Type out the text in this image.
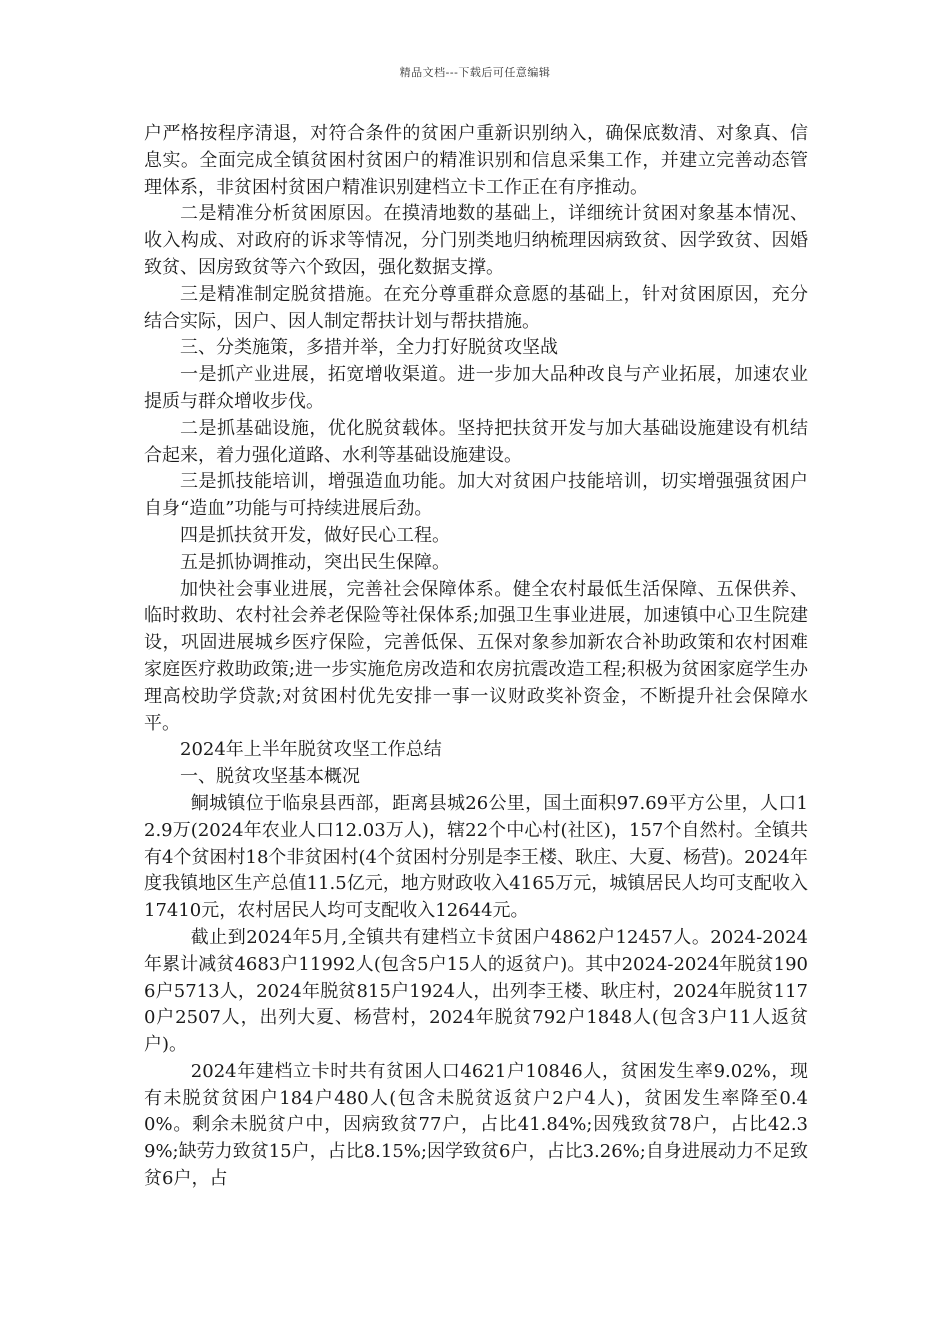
精品文档---下载后可任意编辑

户严格按程序清退，对符合条件的贫困户重新识别纳入，确保底数清、对象真、信息实。全面完成全镇贫困村贫困户的精准识别和信息采集工作，并建立完善动态管理体系，非贫困村贫困户精准识别建档立卡工作正在有序推动。

二是精准分析贫困原因。在摸清地数的基础上，详细统计贫困对象基本情况、收入构成、对政府的诉求等情况，分门别类地归纳梳理因病致贫、因学致贫、因婚致贫、因房致贫等六个致因，强化数据支撑。

三是精准制定脱贫措施。在充分尊重群众意愿的基础上，针对贫困原因，充分结合实际，因户、因人制定帮扶计划与帮扶措施。

三、分类施策，多措并举，全力打好脱贫攻坚战

一是抓产业进展，拓宽增收渠道。进一步加大品种改良与产业拓展，加速农业提质与群众增收步伐。

二是抓基础设施，优化脱贫载体。坚持把扶贫开发与加大基础设施建设有机结合起来，着力强化道路、水利等基础设施建设。

三是抓技能培训，增强造血功能。加大对贫困户技能培训，切实增强强贫困户自身“造血”功能与可持续进展后劲。

四是抓扶贫开发，做好民心工程。

五是抓协调推动，突出民生保障。

加快社会事业进展，完善社会保障体系。健全农村最低生活保障、五保供养、临时救助、农村社会养老保险等社保体系;加强卫生事业进展，加速镇中心卫生院建设，巩固进展城乡医疗保险，完善低保、五保对象参加新农合补助政策和农村困难家庭医疗救助政策;进一步实施危房改造和农房抗震改造工程;积极为贫困家庭学生办理高校助学贷款;对贫困村优先安排一事一议财政奖补资金，不断提升社会保障水平。

2024年上半年脱贫攻坚工作总结

一、脱贫攻坚基本概况

鲖城镇位于临泉县西部，距离县城26公里，国土面积97.69平方公里，人口12.9万(2024年农业人口12.03万人)，辖22个中心村(社区)，157个自然村。全镇共有4个贫困村18个非贫困村(4个贫困村分别是李王楼、耿庄、大夏、杨营)。2024年度我镇地区生产总值11.5亿元，地方财政收入4165万元，城镇居民人均可支配收入17410元，农村居民人均可支配收入12644元。

截止到2024年5月,全镇共有建档立卡贫困户4862户12457人。2024-2024年累计减贫4683户11992人(包含5户15人的返贫户)。其中2024-2024年脱贫1906户5713人，2024年脱贫815户1924人，出列李王楼、耿庄村，2024年脱贫1170户2507人，出列大夏、杨营村，2024年脱贫792户1848人(包含3户11人返贫户)。

2024年建档立卡时共有贫困人口4621户10846人，贫困发生率9.02%，现有未脱贫贫困户184户480人(包含未脱贫返贫户2户4人)，贫困发生率降至0.40%。剩余未脱贫户中，因病致贫77户，占比41.84%;因残致贫78户，占比42.39%;缺劳力致贫15户，占比8.15%;因学致贫6户，占比3.26%;自身进展动力不足致贫6户，占
